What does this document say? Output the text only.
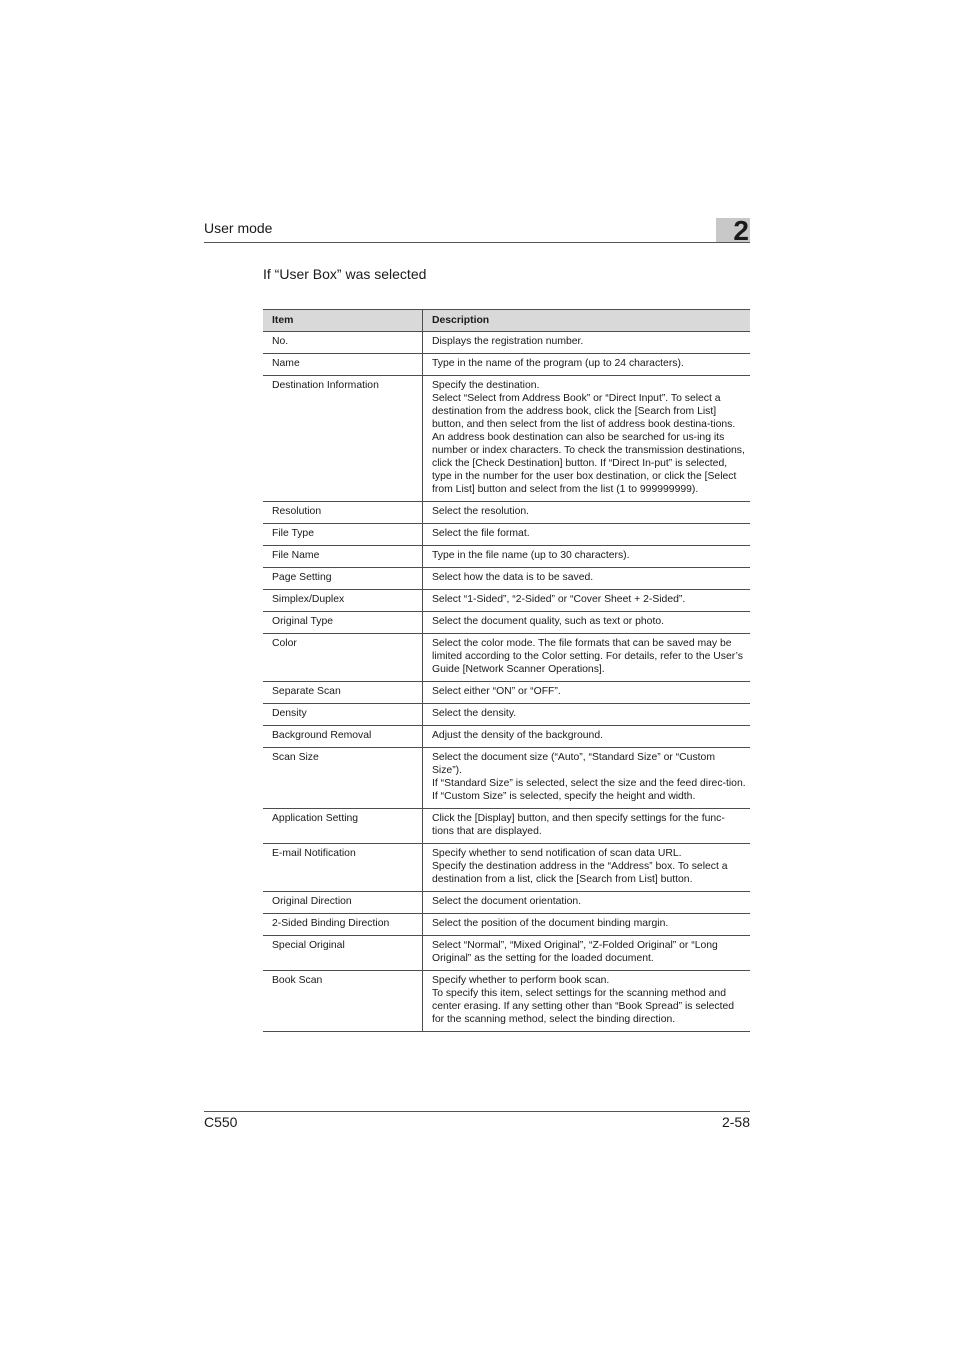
User mode	2
If “User Box” was selected
Item	Description
No.	Displays the registration number.
Name	Type in the name of the program (up to 24 characters).
Destination Information	Specify the destination.
Select “Select from Address Book” or “Direct Input”. To select a destination from the address book, click the [Search from List] button, and then select from the list of address book destina-tions. An address book destination can also be searched for us-ing its number or index characters. To check the transmission destinations, click the [Check Destination] button. If “Direct In-put” is selected, type in the number for the user box destination, or click the [Select from List] button and select from the list (1 to 999999999).
Resolution	Select the resolution.
File Type	Select the file format.
File Name	Type in the file name (up to 30 characters).
Page Setting	Select how the data is to be saved.
Simplex/Duplex	Select “1-Sided”, “2-Sided” or “Cover Sheet + 2-Sided”.
Original Type	Select the document quality, such as text or photo.
Color	Select the color mode. The file formats that can be saved may be limited according to the Color setting. For details, refer to the User’s Guide [Network Scanner Operations].
Separate Scan	Select either “ON” or “OFF”.
Density	Select the density.
Background Removal	Adjust the density of the background.
Scan Size	Select the document size (“Auto”, “Standard Size” or “Custom Size”).
If “Standard Size” is selected, select the size and the feed direc-tion.
If “Custom Size” is selected, specify the height and width.
Application Setting	Click the [Display] button, and then specify settings for the func-tions that are displayed.
E-mail Notification	Specify whether to send notification of scan data URL.
Specify the destination address in the “Address” box. To select a destination from a list, click the [Search from List] button.
Original Direction	Select the document orientation.
2-Sided Binding Direction	Select the position of the document binding margin.
Special Original	Select “Normal”, “Mixed Original”, “Z-Folded Original” or “Long Original” as the setting for the loaded document.
Book Scan	Specify whether to perform book scan.
To specify this item, select settings for the scanning method and center erasing. If any setting other than “Book Spread” is selected for the scanning method, select the binding direction.
C550	2-58
